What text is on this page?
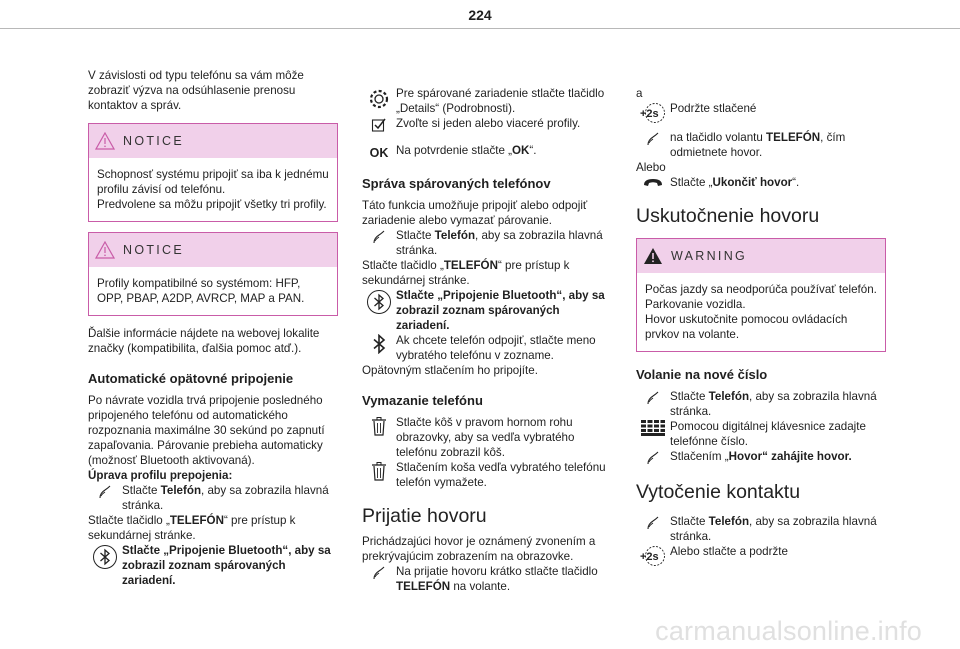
224

V závislosti od typu telefónu sa vám môže zobraziť výzva na odsúhlasenie prenosu kontaktov a správ.

NOTICE

Schopnosť systému pripojiť sa iba k jednému profilu závisí od telefónu.

Predvolene sa môžu pripojiť všetky tri profily.

NOTICE

Profily kompatibilné so systémom: HFP, OPP, PBAP, A2DP, AVRCP, MAP a PAN.

Ďalšie informácie nájdete na webovej lokalite značky (kompatibilita, ďalšia pomoc atď.).

Automatické opätovné pripojenie

Po návrate vozidla trvá pripojenie posledného pripojeného telefónu od automatického rozpoznania maximálne 30 sekúnd po zapnutí zapaľovania. Párovanie prebieha automaticky (možnosť Bluetooth aktivovaná).

Úprava profilu prepojenia:

Stlačte Telefón, aby sa zobrazila hlavná stránka.

Stlačte tlačidlo „TELEFÓN“ pre prístup k sekundárnej stránke.

Stlačte „Pripojenie Bluetooth“, aby sa zobrazil zoznam spárovaných zariadení.

Pre spárované zariadenie stlačte tlačidlo „Details“ (Podrobnosti).

Zvoľte si jeden alebo viaceré profily.

OK Na potvrdenie stlačte „OK“.

Správa spárovaných telefónov

Táto funkcia umožňuje pripojiť alebo odpojiť zariadenie alebo vymazať párovanie.

Stlačte Telefón, aby sa zobrazila hlavná stránka.

Stlačte tlačidlo „TELEFÓN“ pre prístup k sekundárnej stránke.

Stlačte „Pripojenie Bluetooth“, aby sa zobrazil zoznam spárovaných zariadení.

Ak chcete telefón odpojiť, stlačte meno vybratého telefónu v zozname.

Opätovným stlačením ho pripojíte.

Vymazanie telefónu

Stlačte kôš v pravom hornom rohu obrazovky, aby sa vedľa vybratého telefónu zobrazil kôš.

Stlačením koša vedľa vybratého telefónu telefón vymažete.

Prijatie hovoru

Prichádzajúci hovor je oznámený zvonením a prekrývajúcim zobrazením na obrazovke.

Na prijatie hovoru krátko stlačte tlačidlo TELEFÓN na volante.

a

+2s Podržte stlačené

na tlačidlo volantu TELEFÓN, čím odmietnete hovor.

Alebo

Stlačte „Ukončiť hovor“.

Uskutočnenie hovoru
WARNING

Počas jazdy sa neodporúča používať telefón.

Parkovanie vozidla.

Hovor uskutočnite pomocou ovládacích prvkov na volante.

Volanie na nové číslo

Stlačte Telefón, aby sa zobrazila hlavná stránka.

Pomocou digitálnej klávesnice zadajte telefónne číslo.

Stlačením „Hovor“ zahájite hovor.

Vytočenie kontaktu

Stlačte Telefón, aby sa zobrazila hlavná stránka.

+2s Alebo stlačte a podržte

carmanualsonline.info
